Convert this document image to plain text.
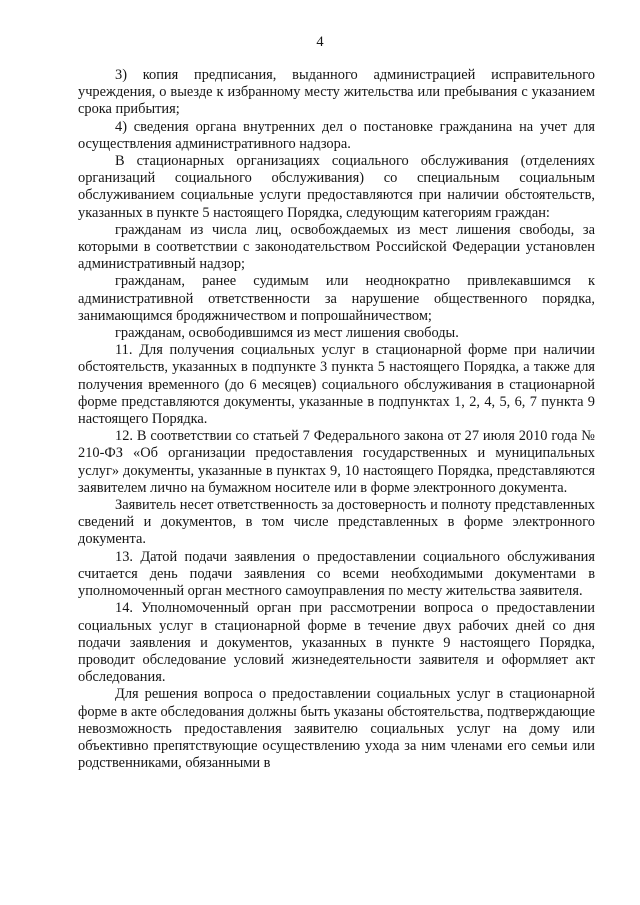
4

3) копия предписания, выданного администрацией исправительного учреждения, о выезде к избранному месту жительства или пребывания с указанием срока прибытия;

4) сведения органа внутренних дел о постановке гражданина на учет для осуществления административного надзора.

В стационарных организациях социального обслуживания (отделениях организаций социального обслуживания) со специальным социальным обслуживанием социальные услуги предоставляются при наличии обстоятельств, указанных в пункте 5 настоящего Порядка, следующим категориям граждан:

гражданам из числа лиц, освобождаемых из мест лишения свободы, за которыми в соответствии с законодательством Российской Федерации установлен административный надзор;

гражданам, ранее судимым или неоднократно привлекавшимся к административной ответственности за нарушение общественного порядка, занимающимся бродяжничеством и попрошайничеством;

гражданам, освободившимся из мест лишения свободы.

11. Для получения социальных услуг в стационарной форме при наличии обстоятельств, указанных в подпункте 3 пункта 5 настоящего Порядка, а также для получения временного (до 6 месяцев) социального обслуживания в стационарной форме представляются документы, указанные в подпунктах 1, 2, 4, 5, 6, 7 пункта 9 настоящего Порядка.

12. В соответствии со статьей 7 Федерального закона от 27 июля 2010 года № 210-ФЗ «Об организации предоставления государственных и муниципальных услуг» документы, указанные в пунктах 9, 10 настоящего Порядка, представляются заявителем лично на бумажном носителе или в форме электронного документа.

Заявитель несет ответственность за достоверность и полноту представленных сведений и документов, в том числе представленных в форме электронного документа.

13. Датой подачи заявления о предоставлении социального обслуживания считается день подачи заявления со всеми необходимыми документами в уполномоченный орган местного самоуправления по месту жительства заявителя.

14. Уполномоченный орган при рассмотрении вопроса о предоставлении социальных услуг в стационарной форме в течение двух рабочих дней со дня подачи заявления и документов, указанных в пункте 9 настоящего Порядка, проводит обследование условий жизнедеятельности заявителя и оформляет акт обследования.

Для решения вопроса о предоставлении социальных услуг в стационарной форме в акте обследования должны быть указаны обстоятельства, подтверждающие невозможность предоставления заявителю социальных услуг на дому или объективно препятствующие осуществлению ухода за ним членами его семьи или родственниками, обязанными в
